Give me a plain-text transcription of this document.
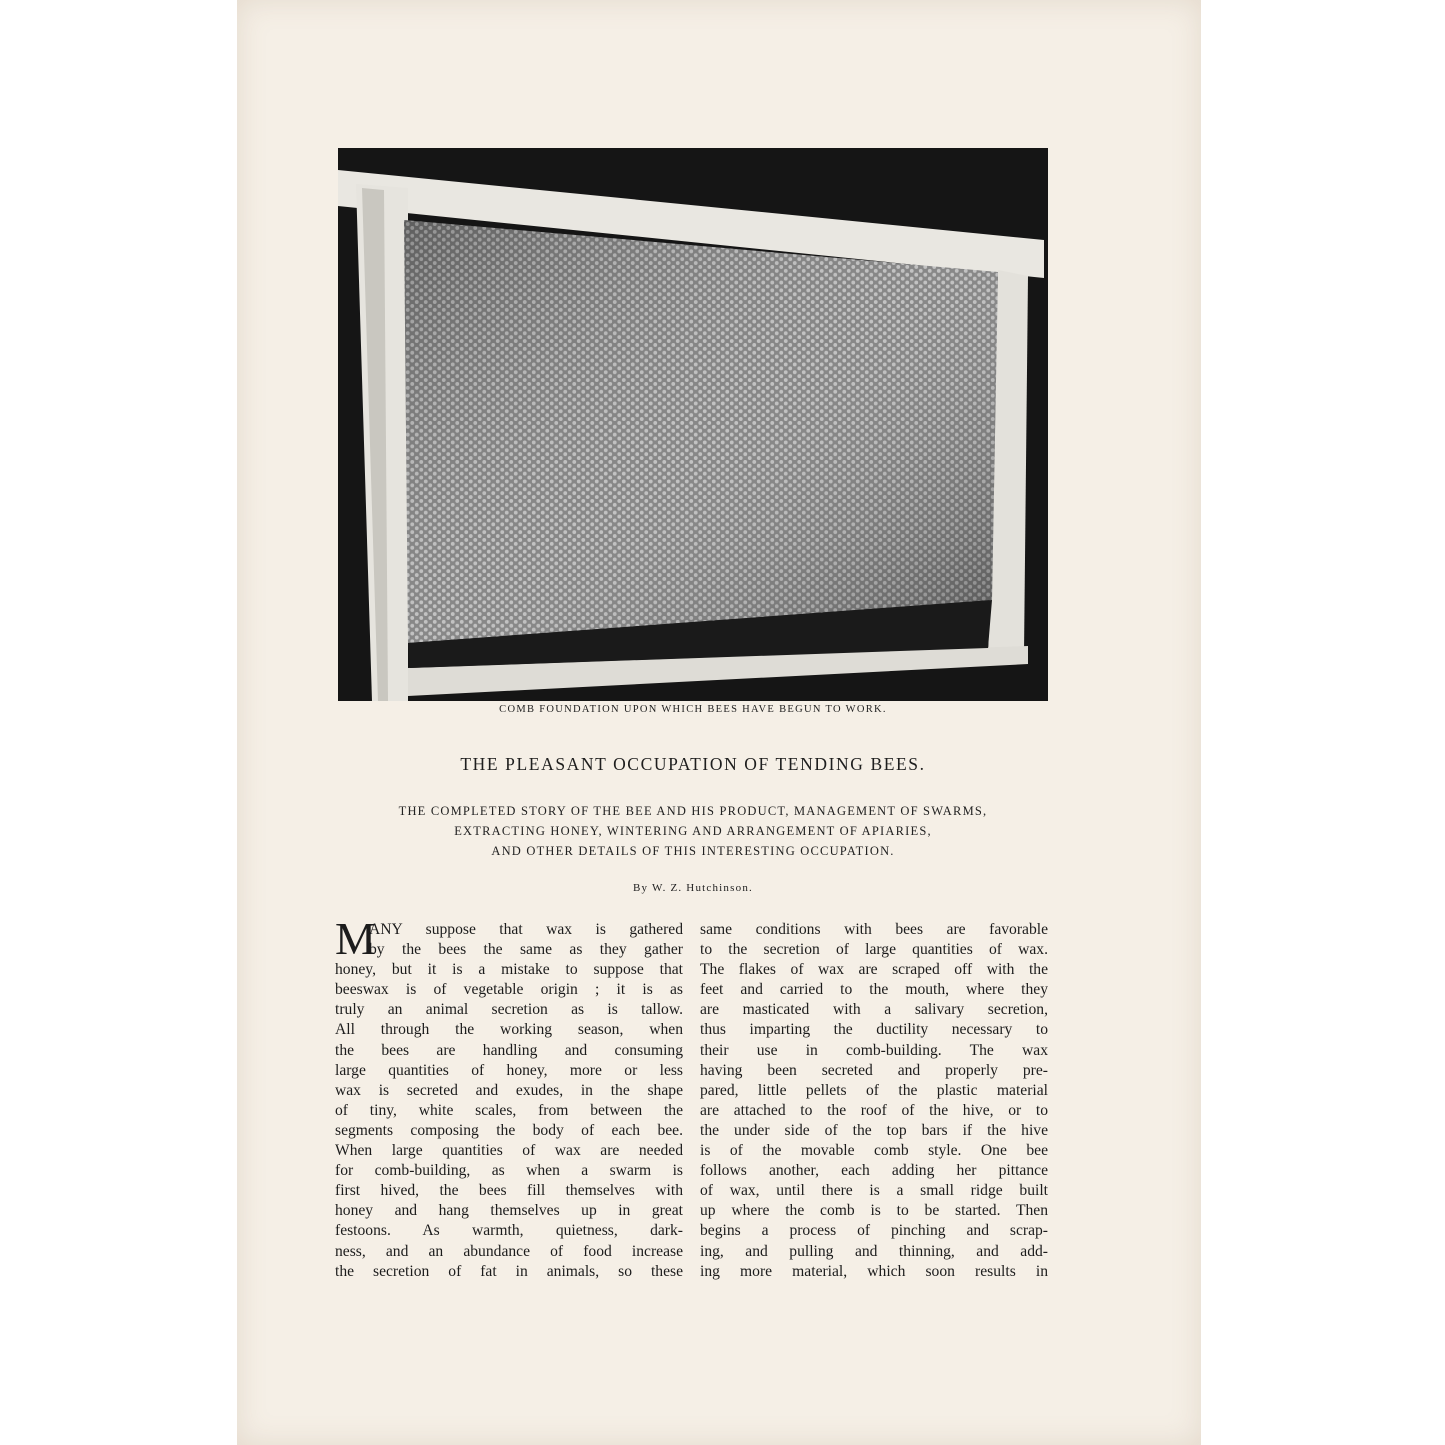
COMB FOUNDATION UPON WHICH BEES HAVE BEGUN TO WORK.
THE PLEASANT OCCUPATION OF TENDING BEES.
THE COMPLETED STORY OF THE BEE AND HIS PRODUCT, MANAGEMENT OF SWARMS,
EXTRACTING HONEY, WINTERING AND ARRANGEMENT OF APIARIES,
AND OTHER DETAILS OF THIS INTERESTING OCCUPATION.
By W. Z. Hutchinson.
M
ANY suppose that wax is gathered
by the bees the same as they gather
honey, but it is a mistake to suppose that
beeswax is of vegetable origin ; it is as
truly an animal secretion as is tallow.
All through the working season, when
the bees are handling and consuming
large quantities of honey, more or less
wax is secreted and exudes, in the shape
of tiny, white scales, from between the
segments composing the body of each bee.
When large quantities of wax are needed
for comb-building, as when a swarm is
first hived, the bees fill themselves with
honey and hang themselves up in great
festoons. As warmth, quietness, dark-
ness, and an abundance of food increase
the secretion of fat in animals, so these
same conditions with bees are favorable
to the secretion of large quantities of wax.
The flakes of wax are scraped off with the
feet and carried to the mouth, where they
are masticated with a salivary secretion,
thus imparting the ductility necessary to
their use in comb-building. The wax
having been secreted and properly pre-
pared, little pellets of the plastic material
are attached to the roof of the hive, or to
the under side of the top bars if the hive
is of the movable comb style. One bee
follows another, each adding her pittance
of wax, until there is a small ridge built
up where the comb is to be started. Then
begins a process of pinching and scrap-
ing, and pulling and thinning, and add-
ing more material, which soon results in
